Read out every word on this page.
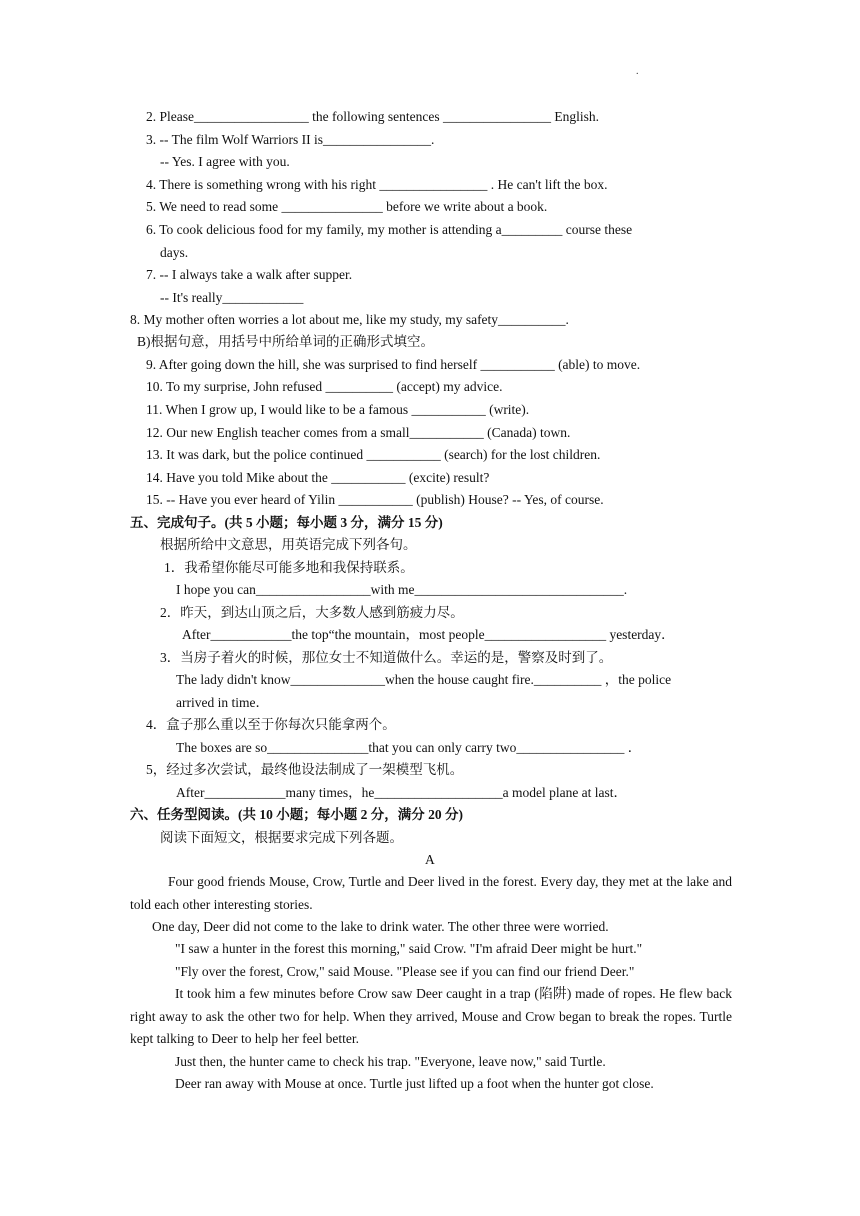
.
2. Please_________________ the following sentences ________________ English.
3. -- The film Wolf Warriors II is________________.
-- Yes. I agree with you.
4. There is something wrong with his right ________________ . He can't lift the box.
5. We need to read some _______________ before we write about a book.
6. To cook delicious food for my family, my mother is attending a_________ course these
days.
7. -- I always take a walk after supper.
-- It's really____________
8. My mother often worries a lot about me, like my study, my safety__________.
B)根据句意，用括号中所给单词的正确形式填空。
9. After going down the hill, she was surprised to find herself ___________ (able) to move.
10. To my surprise, John refused __________ (accept) my advice.
11. When I grow up, I would like to be a famous ___________ (write).
12. Our new English teacher comes from a small___________ (Canada) town.
13. It was dark, but the police continued ___________ (search) for the lost children.
14. Have you told Mike about the ___________ (excite) result?
15. -- Have you ever heard of Yilin ___________ (publish) House? -- Yes, of course.
五、完成句子。(共 5 小题；每小题 3 分，满分 15 分)
根据所给中文意思，用英语完成下列各句。
1．我希望你能尽可能多地和我保持联系。
I hope you can_________________with me_______________________________.
2．昨天，到达山顶之后，大多数人感到筋疲力尽。
After____________the top“the mountain，most people__________________ yesterday．
3．当房子着火的时候，那位女士不知道做什么。幸运的是，警察及时到了。
The lady didn't know______________when the house caught fire.__________ ，the police
arrived in time．
4．盒子那么重以至于你每次只能拿两个。
The boxes are so_______________that you can only carry two________________ ．
5，经过多次尝试，最终他设法制成了一架模型飞机。
After____________many times，he___________________a model plane at last．
六、任务型阅读。(共 10 小题；每小题 2 分，满分 20 分)
阅读下面短文，根据要求完成下列各题。
A
Four good friends Mouse, Crow, Turtle and Deer lived in the forest. Every day, they met at the lake and told each other interesting stories.
One day, Deer did not come to the lake to drink water. The other three were worried.
"I saw a hunter in the forest this morning," said Crow. "I'm afraid Deer might be hurt."
"Fly over the forest, Crow," said Mouse. "Please see if you can find our friend Deer."
It took him a few minutes before Crow saw Deer caught in a trap (陷阱) made of ropes. He flew back right away to ask the other two for help. When they arrived, Mouse and Crow began to break the ropes. Turtle kept talking to Deer to help her feel better.
Just then, the hunter came to check his trap. "Everyone, leave now," said Turtle.
Deer ran away with Mouse at once. Turtle just lifted up a foot when the hunter got close.
